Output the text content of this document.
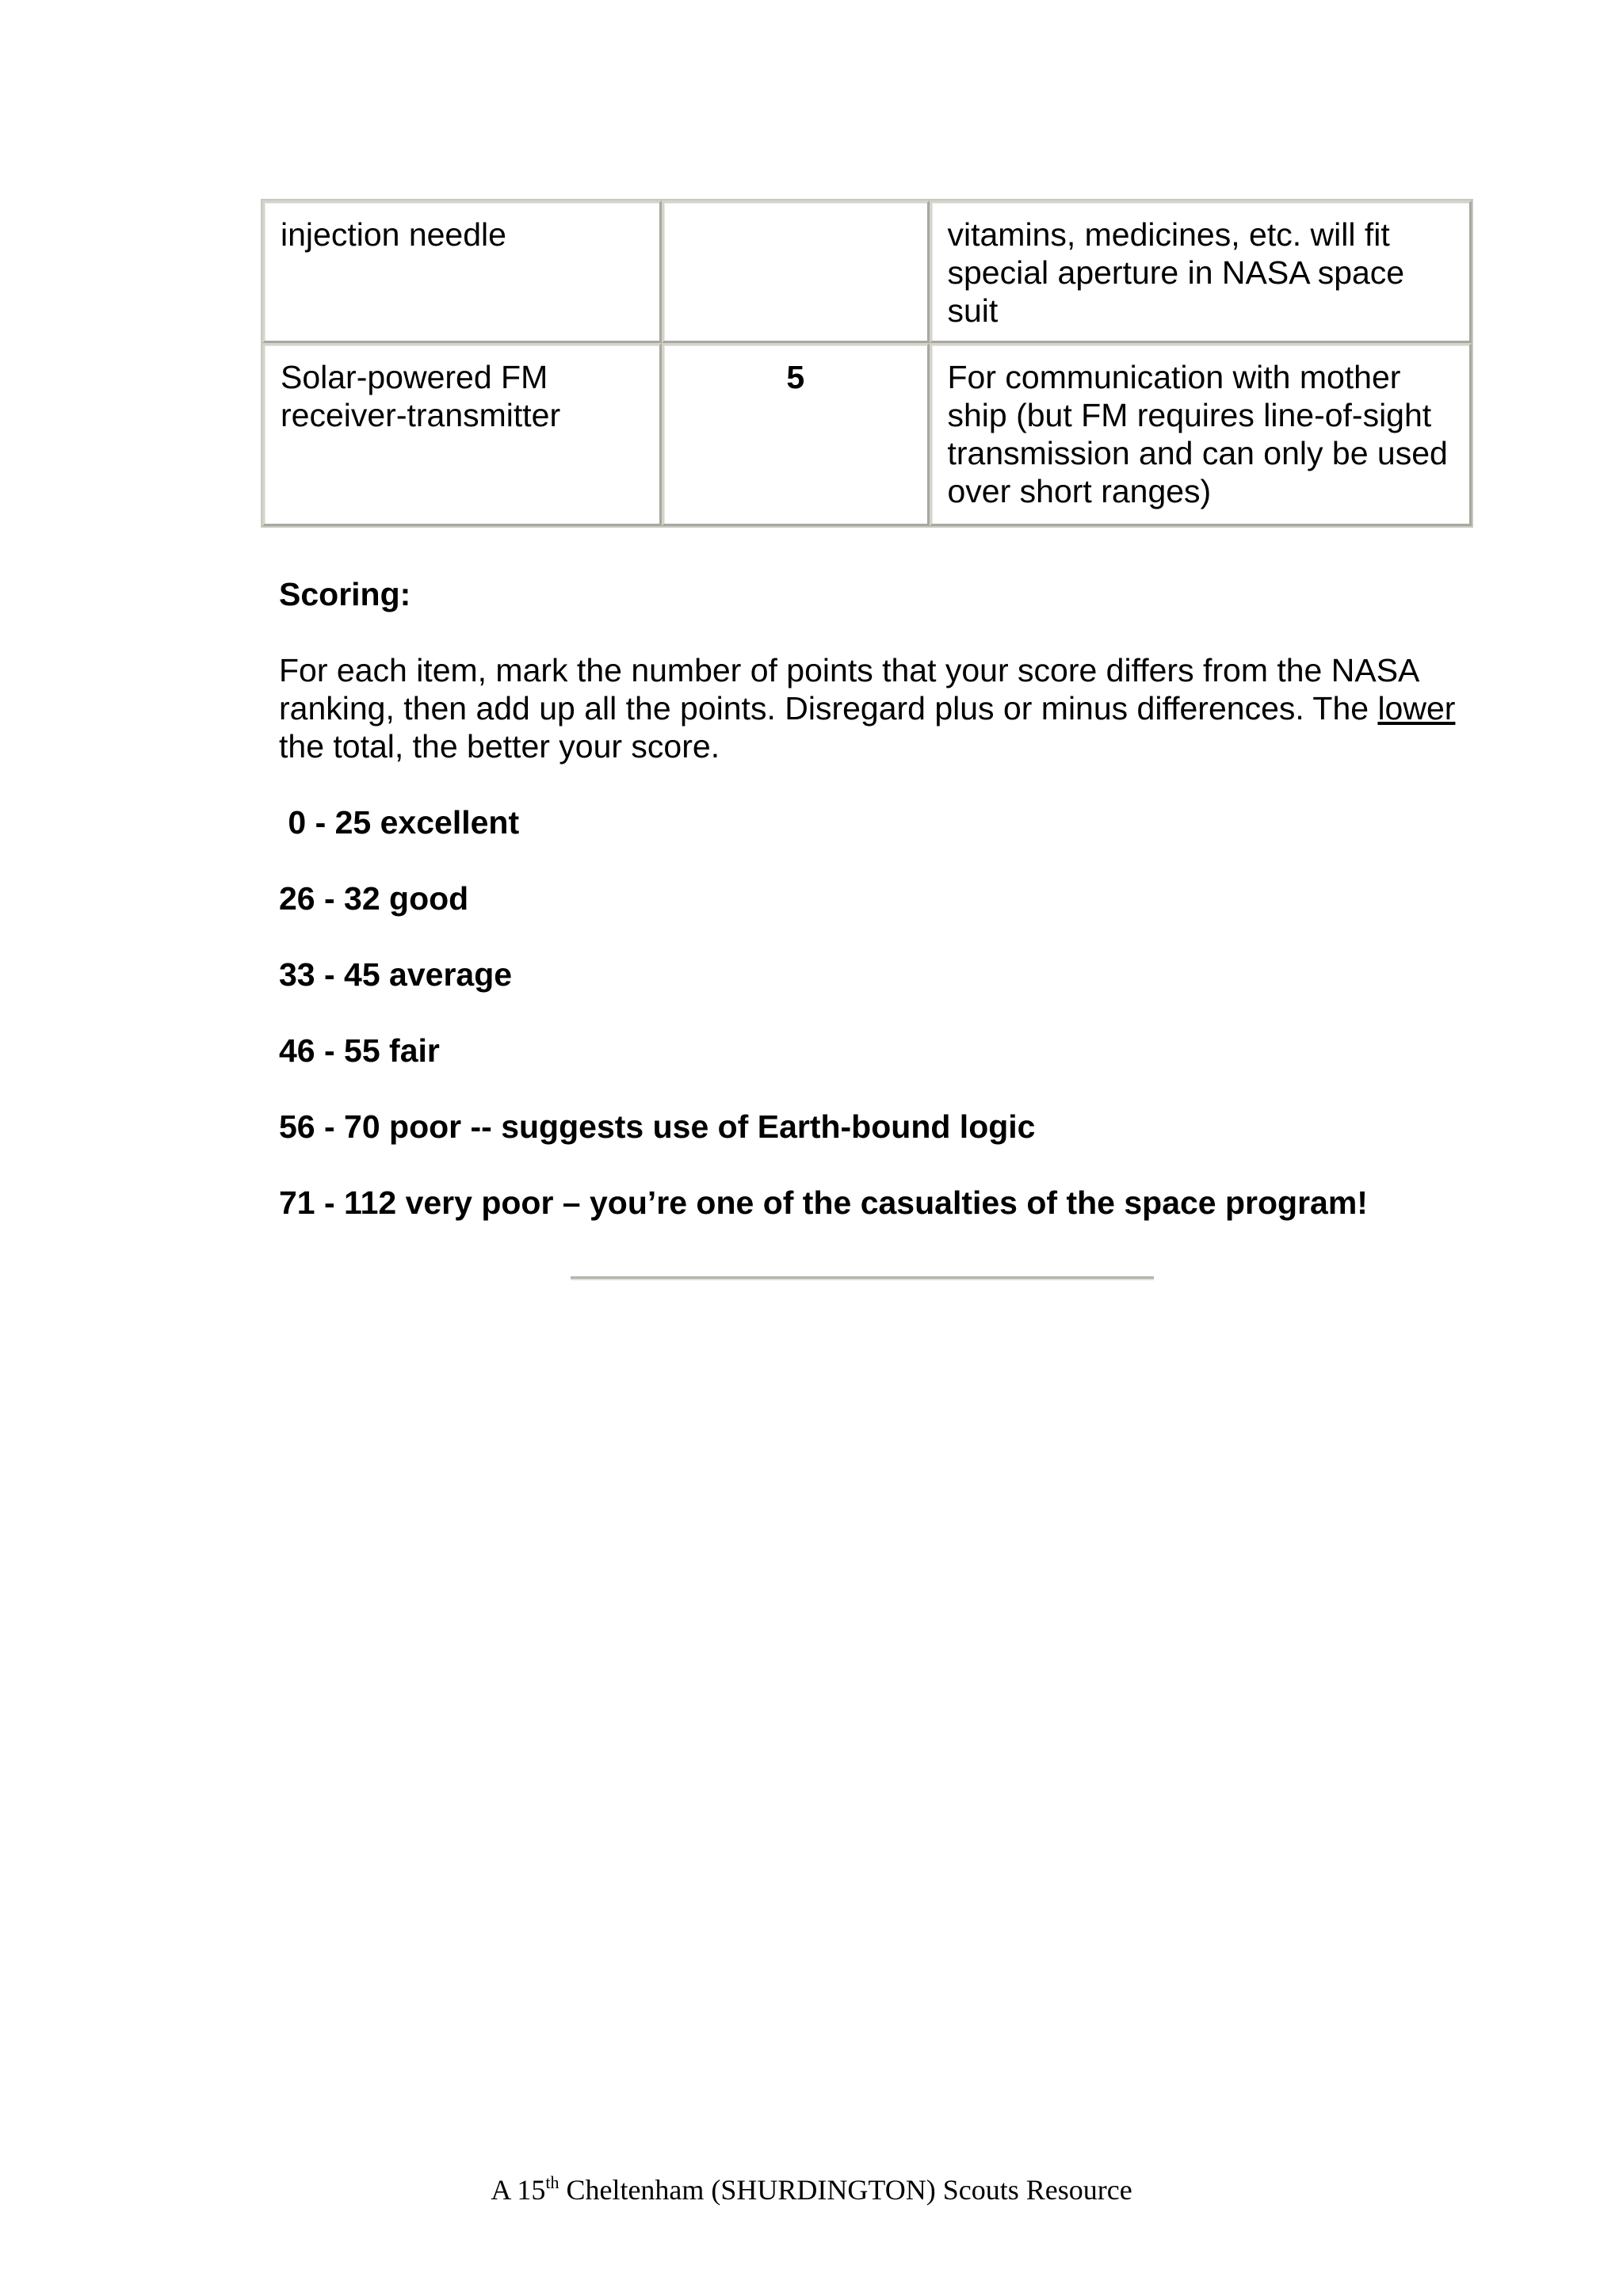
injection needle		vitamins, medicines, etc. will fit special aperture in NASA space suit
Solar-powered FM receiver-transmitter	5	For communication with mother ship (but FM requires line-of-sight transmission and can only be used over short ranges)
Scoring:
For each item, mark the number of points that your score differs from the NASA ranking, then add up all the points. Disregard plus or minus differences. The lower the total, the better your score.
0 - 25 excellent
26 - 32 good
33 - 45 average
46 - 55 fair
56 - 70 poor -- suggests use of Earth-bound logic
71 - 112 very poor – you’re one of the casualties of the space program!
A 15th Cheltenham (SHURDINGTON) Scouts Resource
